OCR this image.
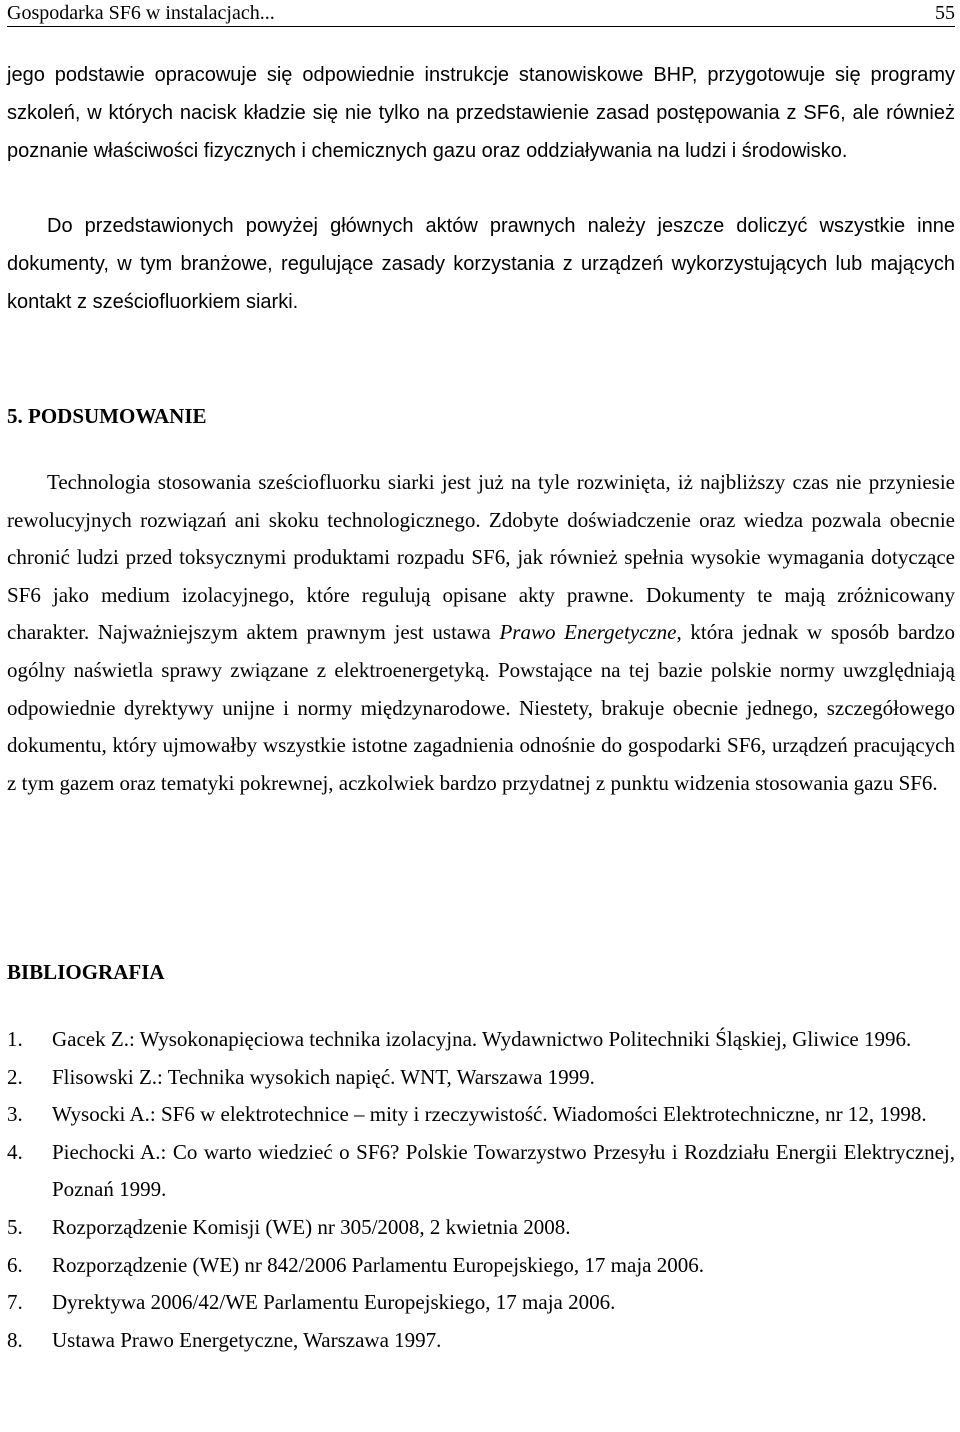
Gospodarka SF6 w instalacjach...	55

jego podstawie opracowuje się odpowiednie instrukcje stanowiskowe BHP, przygotowuje się programy szkoleń, w których nacisk kładzie się nie tylko na przedstawienie zasad postępowania z SF6, ale również poznanie właściwości fizycznych i chemicznych gazu oraz oddziaływania na ludzi i środowisko.

Do przedstawionych powyżej głównych aktów prawnych należy jeszcze doliczyć wszystkie inne dokumenty, w tym branżowe, regulujące zasady korzystania z urządzeń wykorzystujących lub mających kontakt z sześciofluorkiem siarki.

5. PODSUMOWANIE

Technologia stosowania sześciofluorku siarki jest już na tyle rozwinięta, iż najbliższy czas nie przyniesie rewolucyjnych rozwiązań ani skoku technologicznego. Zdobyte doświadczenie oraz wiedza pozwala obecnie chronić ludzi przed toksycznymi produktami rozpadu SF6, jak również spełnia wysokie wymagania dotyczące SF6 jako medium izolacyjnego, które regulują opisane akty prawne. Dokumenty te mają zróżnicowany charakter. Najważniejszym aktem prawnym jest ustawa Prawo Energetyczne, która jednak w sposób bardzo ogólny naświetla sprawy związane z elektroenergetyką. Powstające na tej bazie polskie normy uwzględniają odpowiednie dyrektywy unijne i normy międzynarodowe. Niestety, brakuje obecnie jednego, szczegółowego dokumentu, który ujmowałby wszystkie istotne zagadnienia odnośnie do gospodarki SF6, urządzeń pracujących z tym gazem oraz tematyki pokrewnej, aczkolwiek bardzo przydatnej z punktu widzenia stosowania gazu SF6.

BIBLIOGRAFIA
1. Gacek Z.: Wysokonapięciowa technika izolacyjna. Wydawnictwo Politechniki Śląskiej, Gliwice 1996.
2. Flisowski Z.: Technika wysokich napięć. WNT, Warszawa 1999.
3. Wysocki A.: SF6 w elektrotechnice – mity i rzeczywistość. Wiadomości Elektrotechniczne, nr 12, 1998.
4. Piechocki A.: Co warto wiedzieć o SF6? Polskie Towarzystwo Przesyłu i Rozdziału Energii Elektrycznej, Poznań 1999.
5. Rozporządzenie Komisji (WE) nr 305/2008, 2 kwietnia 2008.
6. Rozporządzenie (WE) nr 842/2006 Parlamentu Europejskiego, 17 maja 2006.
7. Dyrektywa 2006/42/WE Parlamentu Europejskiego, 17 maja 2006.
8. Ustawa Prawo Energetyczne, Warszawa 1997.
